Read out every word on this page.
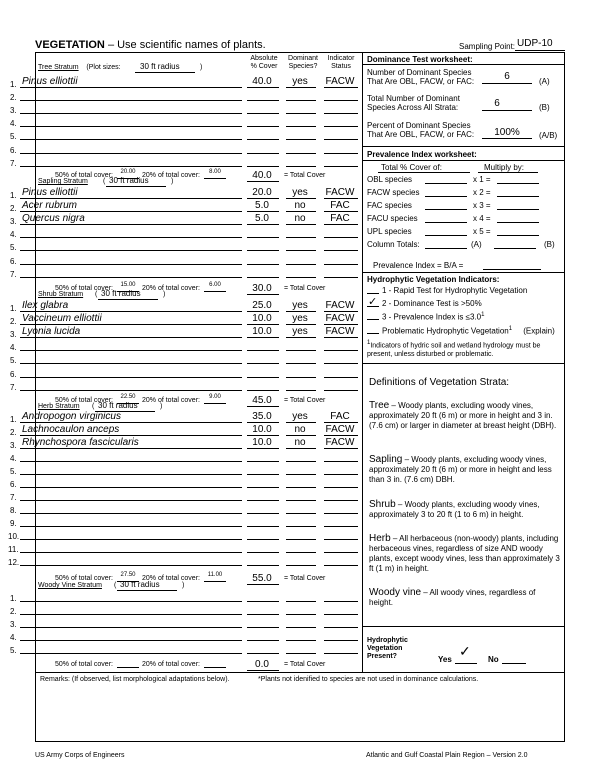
VEGETATION – Use scientific names of plants.	Sampling Point: UDP-10
Absolute
% Cover
Dominant
Species?
Indicator
Status
Tree Stratum (Plot sizes: 30 ft radius	)
1. Pinus elliottii	40.0	yes	FACW
2.
3.
4.
5.
6.
7.
50% of total cover:	20.00 20% of total cover:	8.00	40.0	= Total Cover
Sapling Stratum ( 30 ft radius	)
1. Pinus elliottii	20.0	yes	FACW
2. Acer rubrum	5.0	no	FAC
3. Quercus nigra	5.0	no	FAC
4.
5.
6.
7.
50% of total cover:	15.00 20% of total cover:	6.00	30.0	= Total Cover
Shrub Stratum ( 30 ft radius	)
1. Ilex glabra	25.0	yes	FACW
2. Vaccineum elliottii	10.0	yes	FACW
3. Lyonia lucida	10.0	yes	FACW
4.
5.
6.
7.
50% of total cover:	22.50 20% of total cover:	9.00	45.0	= Total Cover
Herb Stratum ( 30 ft radius	)
1. Andropogon virginicus	35.0	yes	FAC
2. Lachnocaulon anceps	10.0	no	FACW
3. Rhynchospora fascicularis	10.0	no	FACW
4.
5.
6.
7.
8.
9.
10.
11.
12.
50% of total cover:	27.50 20% of total cover:	11.00	55.0	= Total Cover
Woody Vine Stratum ( 30 ft radius	)
1.
2.
3.
4.
5.
50% of total cover:	20% of total cover:	0.0	= Total Cover
Dominance Test worksheet:
Number of Dominant Species
That Are OBL, FACW, or FAC:	6	(A)
Total Number of Dominant
Species Across All Strata:	6	(B)
Percent of Dominant Species
That Are OBL, FACW, or FAC:	100%	(A/B)
Prevalence Index worksheet:
Total % Cover of:	Multiply by:
OBL species	x 1 =
FACW species	x 2 =
FAC species	x 3 =
FACU species	x 4 =
UPL species	x 5 =
Column Totals:	(A)	(B)
Prevalence Index = B/A =
Hydrophytic Vegetation Indicators:
1 - Rapid Test for Hydrophytic Vegetation
✓ 2 - Dominance Test is >50%
3 - Prevalence Index is $\le 3.0^1$
Problematic Hydrophytic Vegetation$^1$ (Explain)
$^1$Indicators of hydric soil and wetland hydrology must be present, unless disturbed or problematic.
Definitions of Vegetation Strata:
Tree – Woody plants, excluding woody vines, approximately 20 ft (6 m) or more in height and 3 in. (7.6 cm) or larger in diameter at breast height (DBH).
Sapling – Woody plants, excluding woody vines, approximately 20 ft (6 m) or more in height and less than 3 in. (7.6 cm) DBH.
Shrub – Woody plants, excluding woody vines, approximately 3 to 20 ft (1 to 6 m) in height.
Herb – All herbaceous (non-woody) plants, including herbaceous vines, regardless of size AND woody plants, except woody vines, less than approximately 3 ft (1 m) in height.
Woody vine – All woody vines, regardless of height.
Hydrophytic
Vegetation
Present?	Yes
✓
No
Remarks: (If observed, list morphological adaptations below).	*Plants not idenified to species are not used in dominance calculations.
US Army Corps of Engineers	Atlantic and Gulf Coastal Plain Region – Version 2.0
